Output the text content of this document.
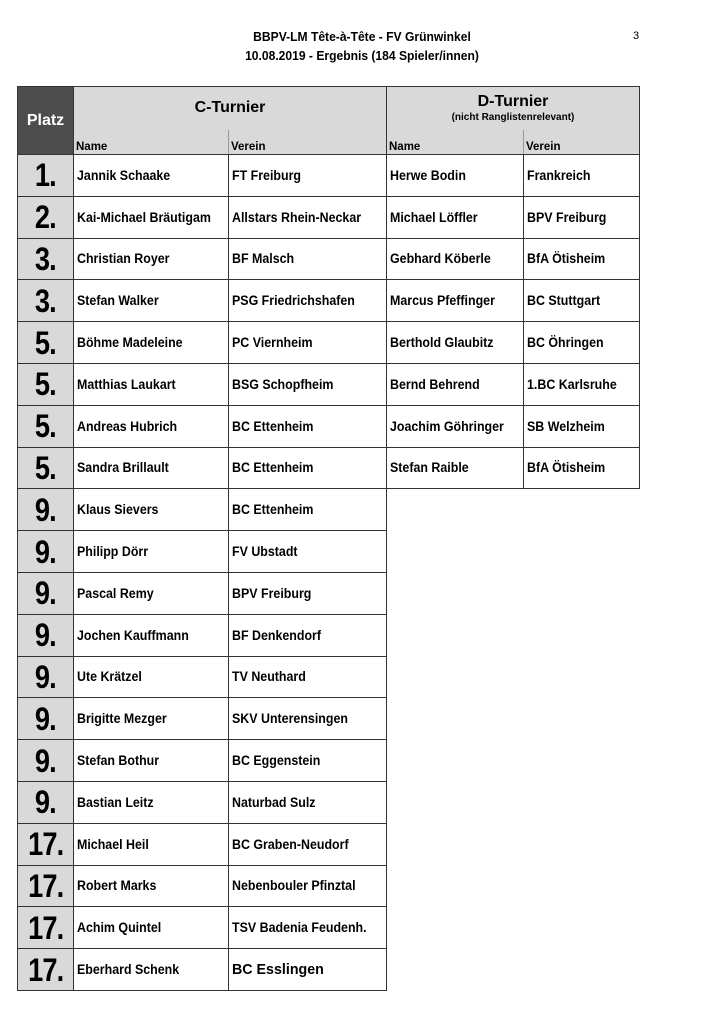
BBPV-LM Tête-à-Tête - FV Grünwinkel
10.08.2019 - Ergebnis (184 Spieler/innen)
3
Platz	C-Turnier		D-Turnier
(nicht Ranglistenrelevant)	

	Name	Verein	Name	Verein
1.	Jannik Schaake	FT Freiburg	Herwe Bodin	Frankreich
2.	Kai-Michael Bräutigam	Allstars Rhein-Neckar	Michael Löffler	BPV Freiburg
3.	Christian Royer	BF Malsch	Gebhard Köberle	BfA Ötisheim
3.	Stefan Walker	PSG Friedrichshafen	Marcus Pfeffinger	BC Stuttgart
5.	Böhme Madeleine	PC Viernheim	Berthold Glaubitz	BC Öhringen
5.	Matthias Laukart	BSG Schopfheim	Bernd Behrend	1.BC Karlsruhe
5.	Andreas Hubrich	BC Ettenheim	Joachim Göhringer	SB Welzheim
5.	Sandra Brillault	BC Ettenheim	Stefan Raible	BfA Ötisheim
9.	Klaus Sievers	BC Ettenheim		
9.	Philipp Dörr	FV Ubstadt		
9.	Pascal Remy	BPV Freiburg		
9.	Jochen Kauffmann	BF Denkendorf		
9.	Ute Krätzel	TV Neuthard		
9.	Brigitte Mezger	SKV Unterensingen		
9.	Stefan Bothur	BC Eggenstein		
9.	Bastian Leitz	Naturbad Sulz		
17.	Michael Heil	BC Graben-Neudorf		
17.	Robert Marks	Nebenbouler Pfinztal		
17.	Achim Quintel	TSV Badenia Feudenh.		
17.	Eberhard Schenk	BC Esslingen		
